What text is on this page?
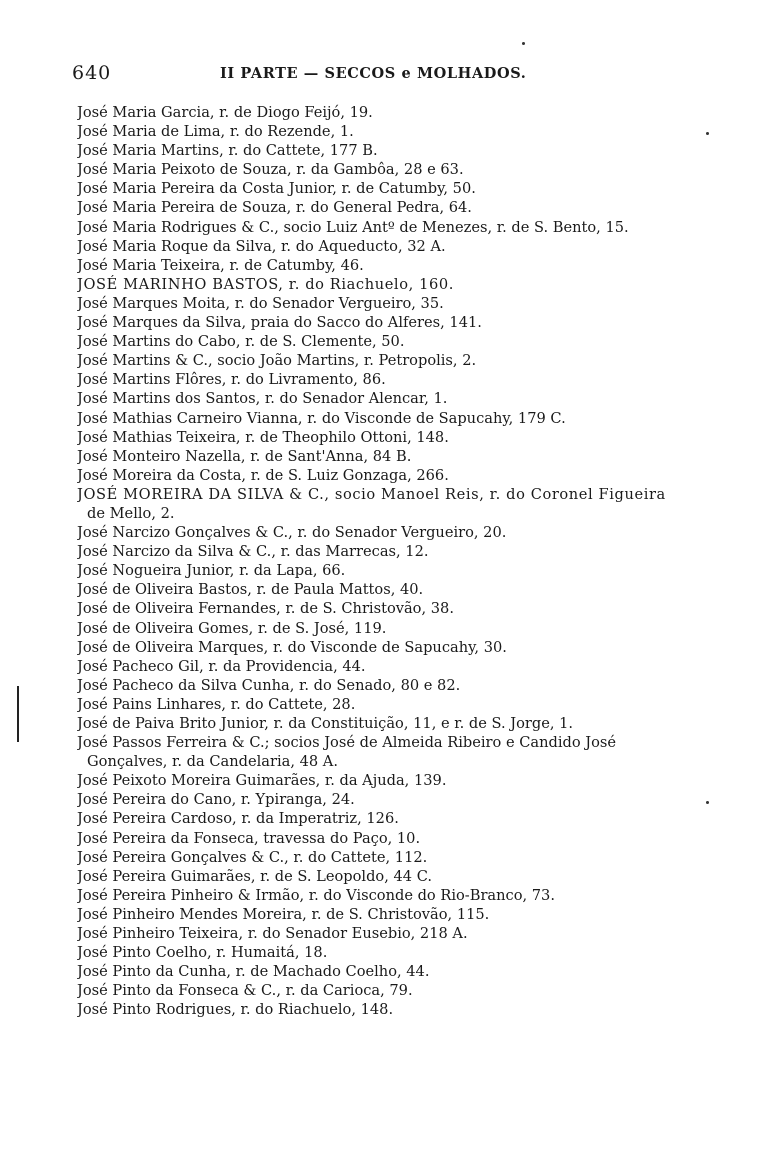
640	II PARTE — SECCOS e MOLHADOS.
José Maria Garcia, r. de Diogo Feijó, 19.
José Maria de Lima, r. do Rezende, 1.
José Maria Martins, r. do Cattete, 177 B.
José Maria Peixoto de Souza, r. da Gambôa, 28 e 63.
José Maria Pereira da Costa Junior, r. de Catumby, 50.
José Maria Pereira de Souza, r. do General Pedra, 64.
José Maria Rodrigues & C., socio Luiz Antº de Menezes, r. de S. Bento, 15.
José Maria Roque da Silva, r. do Aqueducto, 32 A.
José Maria Teixeira, r. de Catumby, 46.
JOSÉ MARINHO BASTOS, r. do Riachuelo, 160.
José Marques Moita, r. do Senador Vergueiro, 35.
José Marques da Silva, praia do Sacco do Alferes, 141.
José Martins do Cabo, r. de S. Clemente, 50.
José Martins & C., socio João Martins, r. Petropolis, 2.
José Martins Flôres, r. do Livramento, 86.
José Martins dos Santos, r. do Senador Alencar, 1.
José Mathias Carneiro Vianna, r. do Visconde de Sapucahy, 179 C.
José Mathias Teixeira, r. de Theophilo Ottoni, 148.
José Monteiro Nazella, r. de Sant'Anna, 84 B.
José Moreira da Costa, r. de S. Luiz Gonzaga, 266.
JOSÉ MOREIRA DA SILVA & C., socio Manoel Reis, r. do Coronel Figueira
de Mello, 2.
José Narcizo Gonçalves & C., r. do Senador Vergueiro, 20.
José Narcizo da Silva & C., r. das Marrecas, 12.
José Nogueira Junior, r. da Lapa, 66.
José de Oliveira Bastos, r. de Paula Mattos, 40.
José de Oliveira Fernandes, r. de S. Christovão, 38.
José de Oliveira Gomes, r. de S. José, 119.
José de Oliveira Marques, r. do Visconde de Sapucahy, 30.
José Pacheco Gil, r. da Providencia, 44.
José Pacheco da Silva Cunha, r. do Senado, 80 e 82.
José Pains Linhares, r. do Cattete, 28.
José de Paiva Brito Junior, r. da Constituição, 11, e r. de S. Jorge, 1.
José Passos Ferreira & C.; socios José de Almeida Ribeiro e Candido José
Gonçalves, r. da Candelaria, 48 A.
José Peixoto Moreira Guimarães, r. da Ajuda, 139.
José Pereira do Cano, r. Ypiranga, 24.
José Pereira Cardoso, r. da Imperatriz, 126.
José Pereira da Fonseca, travessa do Paço, 10.
José Pereira Gonçalves & C., r. do Cattete, 112.
José Pereira Guimarães, r. de S. Leopoldo, 44 C.
José Pereira Pinheiro & Irmão, r. do Visconde do Rio-Branco, 73.
José Pinheiro Mendes Moreira, r. de S. Christovão, 115.
José Pinheiro Teixeira, r. do Senador Eusebio, 218 A.
José Pinto Coelho, r. Humaitá, 18.
José Pinto da Cunha, r. de Machado Coelho, 44.
José Pinto da Fonseca & C., r. da Carioca, 79.
José Pinto Rodrigues, r. do Riachuelo, 148.
